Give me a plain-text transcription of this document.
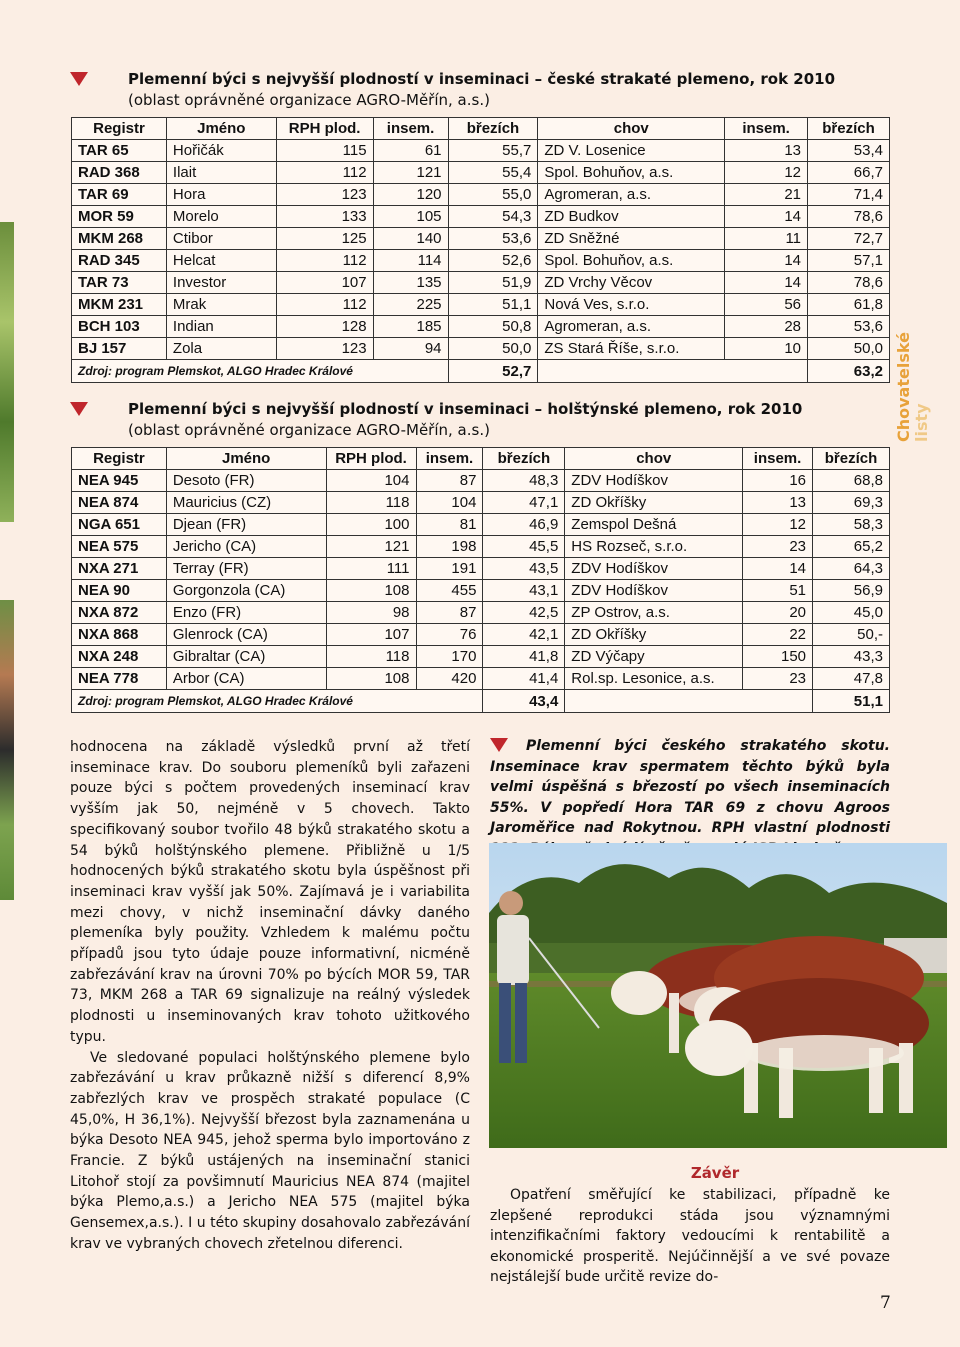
Plemenní býci s nejvyšší plodností v inseminaci – české strakaté plemeno, rok 2010
(oblast oprávněné organizace AGRO-Měřín, a.s.)
Registr	Jméno	RPH plod.	insem.	březích	chov	insem.	březích
TAR 65	Hořičák	115	61	55,7	ZD V. Losenice	13	53,4
RAD 368	Ilait	112	121	55,4	Spol. Bohuňov, a.s.	12	66,7
TAR 69	Hora	123	120	55,0	Agromeran, a.s.	21	71,4
MOR 59	Morelo	133	105	54,3	ZD Budkov	14	78,6
MKM 268	Ctibor	125	140	53,6	ZD Sněžné	11	72,7
RAD 345	Helcat	112	114	52,6	Spol. Bohuňov, a.s.	14	57,1
TAR 73	Investor	107	135	51,9	ZD Vrchy Věcov	14	78,6
MKM 231	Mrak	112	225	51,1	Nová Ves, s.r.o.	56	61,8
BCH 103	Indian	128	185	50,8	Agromeran, a.s.	28	53,6
BJ 157	Zola	123	94	50,0	ZS Stará Říše, s.r.o.	10	50,0
Zdroj: program Plemskot, ALGO Hradec Králové				52,7			63,2
Plemenní býci s nejvyšší plodností v inseminaci – holštýnské plemeno, rok 2010
(oblast oprávněné organizace AGRO-Měřín, a.s.)
Registr	Jméno	RPH plod.	insem.	březích	chov	insem.	březích
NEA 945	Desoto (FR)	104	87	48,3	ZDV Hodíškov	16	68,8
NEA 874	Mauricius (CZ)	118	104	47,1	ZD Okříšky	13	69,3
NGA 651	Djean (FR)	100	81	46,9	Zemspol Dešná	12	58,3
NEA 575	Jericho (CA)	121	198	45,5	HS Rozseč, s.r.o.	23	65,2
NXA 271	Terray (FR)	111	191	43,5	ZDV Hodíškov	14	64,3
NEA 90	Gorgonzola (CA)	108	455	43,1	ZDV Hodíškov	51	56,9
NXA 872	Enzo (FR)	98	87	42,5	ZP Ostrov, a.s.	20	45,0
NXA 868	Glenrock (CA)	107	76	42,1	ZD Okříšky	22	50,-
NXA 248	Gibraltar (CA)	118	170	41,8	ZD Výčapy	150	43,3
NEA 778	Arbor (CA)	108	420	41,4	Rol.sp. Lesonice, a.s.	23	47,8
Zdroj: program Plemskot, ALGO Hradec Králové				43,4			51,1

hodnocena na základě výsledků první až třetí inseminace krav. Do souboru plemeníků byli zařazeni pouze býci s počtem provedených inseminací krav vyšším jak 50, nejméně v 5 chovech. Takto specifikovaný soubor tvořilo 48 býků strakatého skotu a 54 býků holštýnského plemene. Přibližně u 1/5 hodnocených býků strakatého skotu byla úspěšnost při inseminaci krav vyšší jak 50%. Zajímavá je i variabilita mezi chovy, v nichž inseminační dávky daného plemeníka byly použity. Vzhledem k malému počtu případů jsou tyto údaje pouze informativní, nicméně zabřezávání krav na úrovni 70% po býcích MOR 59, TAR 73, MKM 268 a TAR 69 signalizuje na reálný výsledek plodnosti u inseminovaných krav tohoto užitkového typu.

Ve sledované populaci holštýnského plemene bylo zabřezávání u krav průkazně nižší s diferencí 8,9% zabřezlých krav ve prospěch strakaté populace (C 45,0%, H 36,1%). Nejvyšší březost byla zaznamenána u býka Desoto NEA 945, jehož sperma bylo importováno z Francie. Z býků ustájených na inseminační stanici Litohoř stojí za povšimnutí Mauricius NEA 874 (majitel býka Plemo,a.s.) a Jericho NEA 575 (majitel býka Gensemex,a.s.). I u této skupiny dosahovalo zabřezávání krav ve vybraných chovech zřetelnou diferenci.

Plemenní býci českého strakatého skotu. Inseminace krav spermatem těchto býků byla velmi úspěšná s březostí po všech inseminacích 55%. V popředí Hora TAR 69 z chovu Agroos Jaroměřice nad Rokytnou. RPH vlastní plodnosti
Závěr
Opatření směřující ke stabilizaci, případně ke zlepšené reprodukci stáda jsou významnými intenzifikačními faktory vedoucími k rentabilitě a ekonomické prosperitě. Nejúčinnější a ve své povaze nejstálejší bude určitě revize do-
Chovatelské listy
7
